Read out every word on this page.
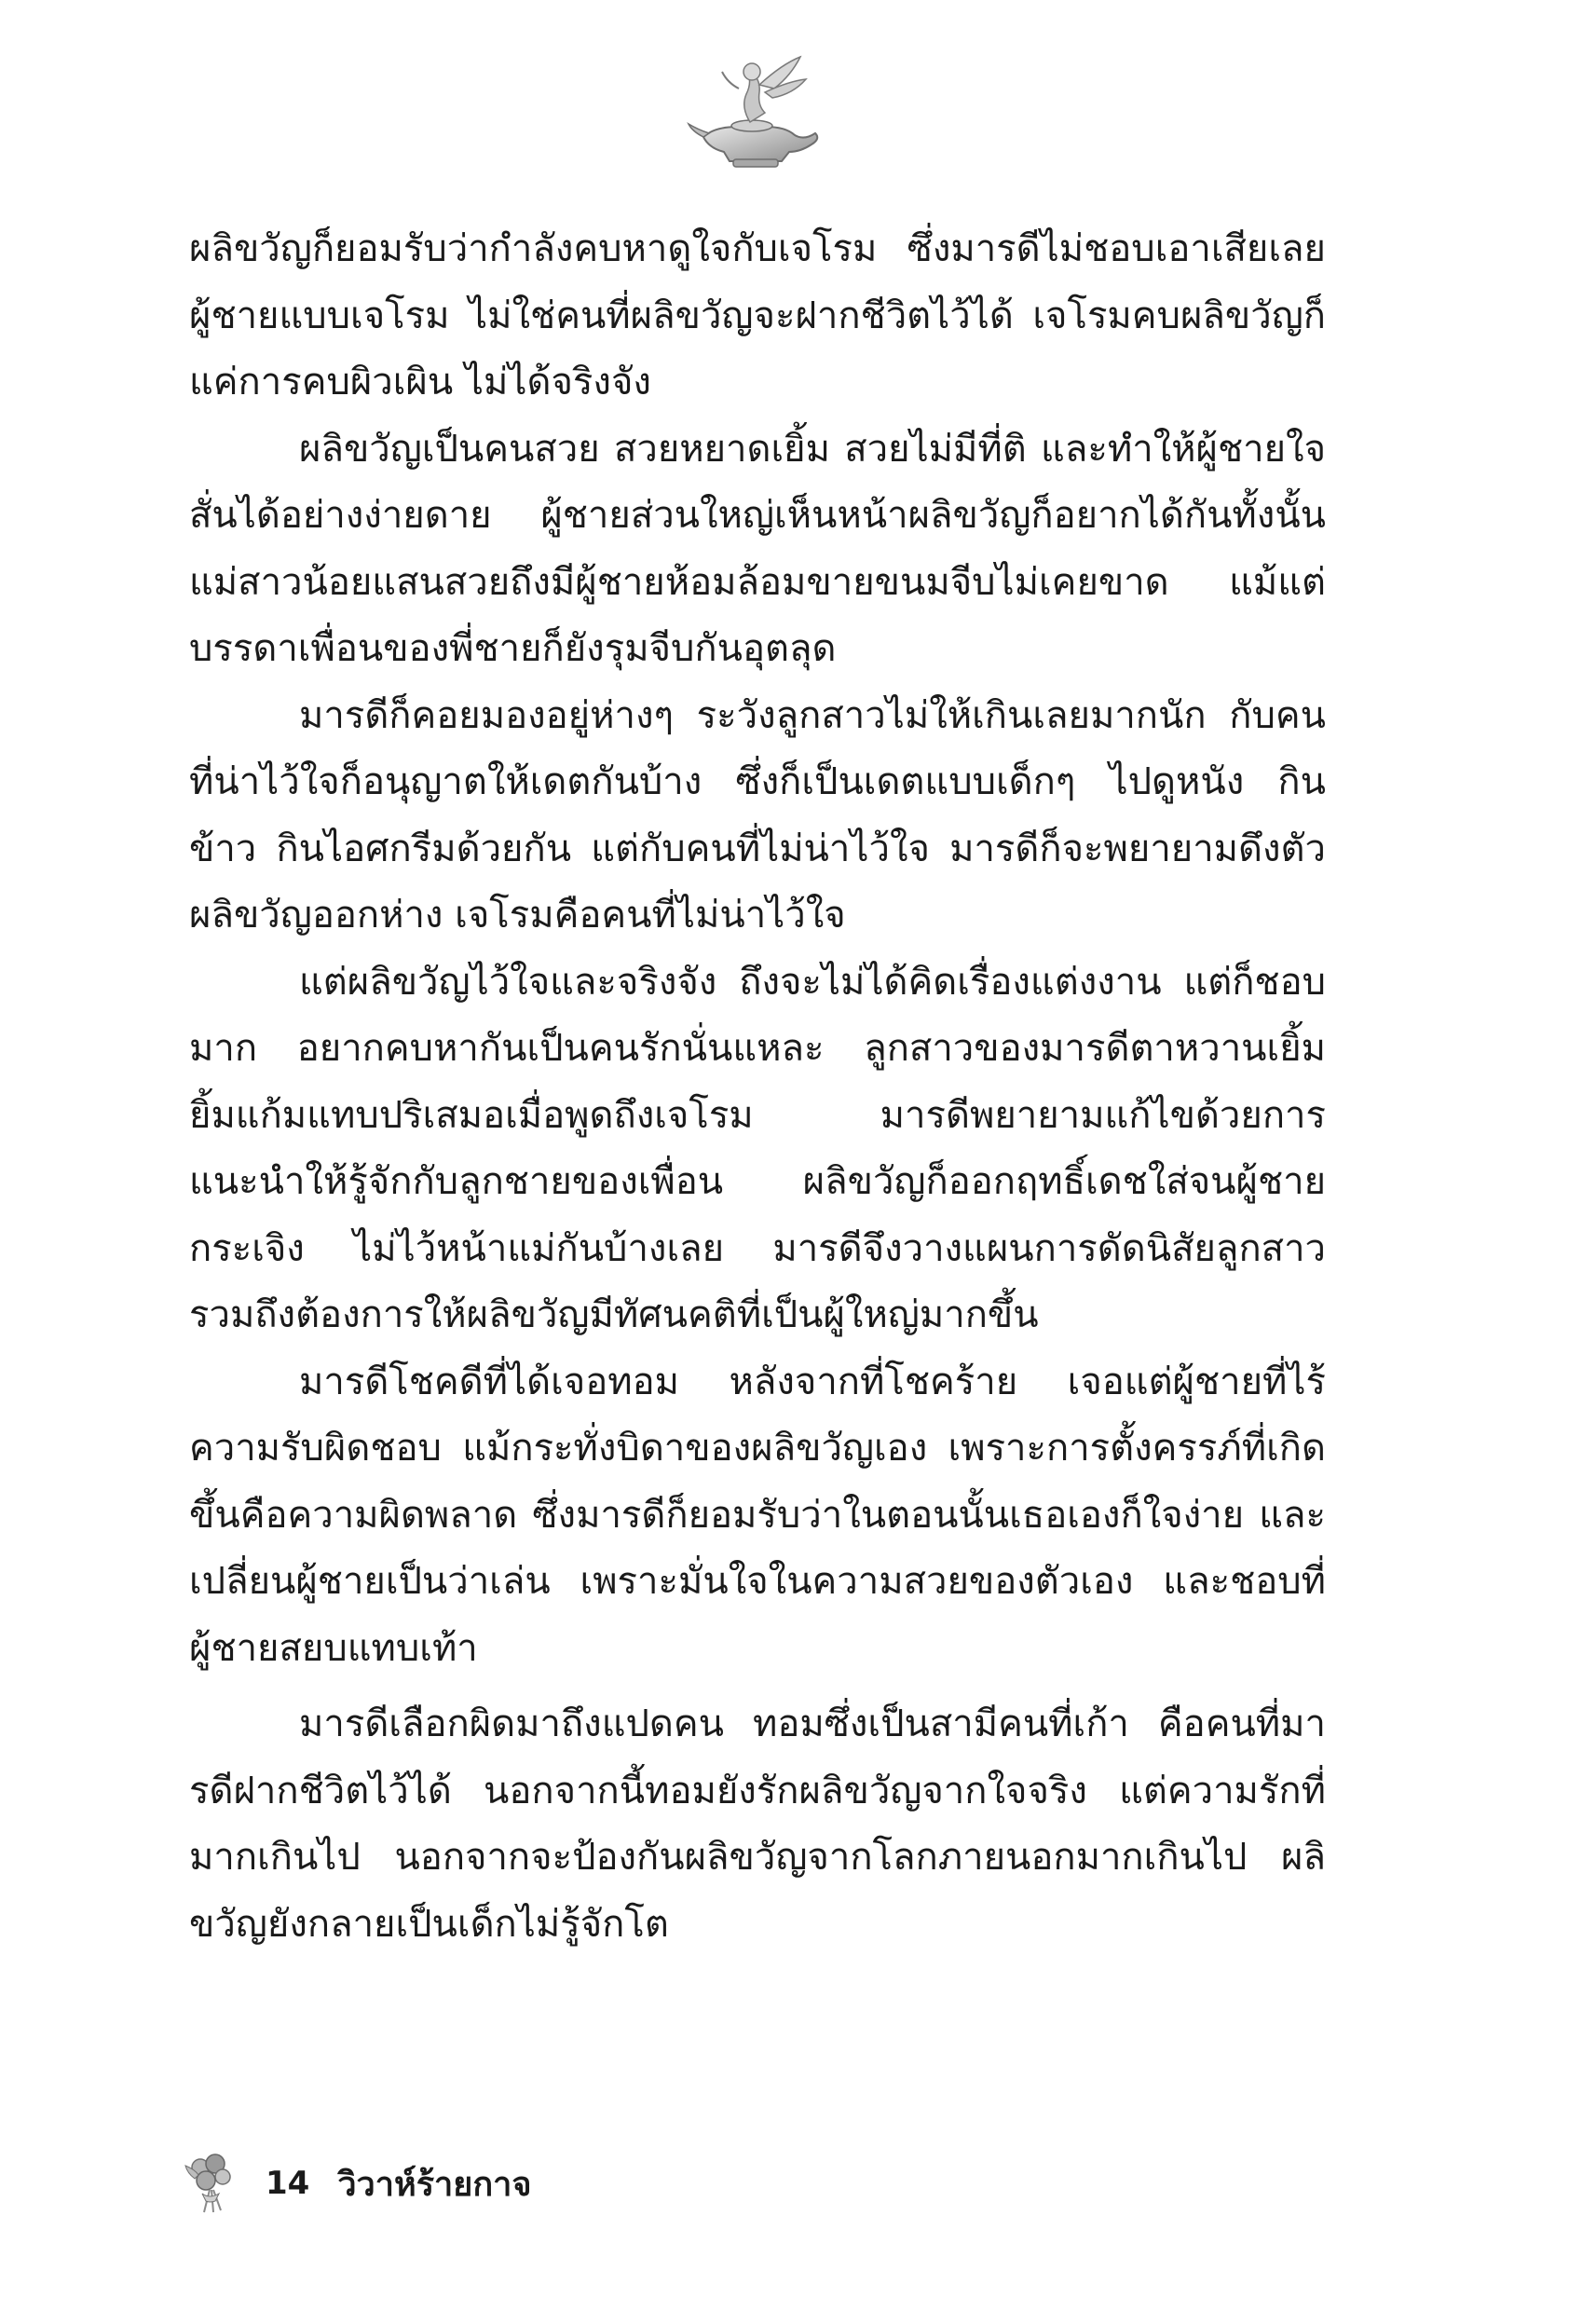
ผลิขวัญก็ยอมรับว่ากำลังคบหาดูใจกับเจโรม ซึ่งมารดีไม่ชอบเอาเสียเลย ผู้ชายแบบเจโรม ไม่ใช่คนที่ผลิขวัญจะฝากชีวิตไว้ได้ เจโรมคบผลิขวัญก็แค่การคบผิวเผิน ไม่ได้จริงจัง

ผลิขวัญเป็นคนสวย สวยหยาดเยิ้ม สวยไม่มีที่ติ และทำให้ผู้ชายใจสั่นได้อย่างง่ายดาย ผู้ชายส่วนใหญ่เห็นหน้าผลิขวัญก็อยากได้กันทั้งนั้น แม่สาวน้อยแสนสวยถึงมีผู้ชายห้อมล้อมขายขนมจีบไม่เคยขาด แม้แต่บรรดาเพื่อนของพี่ชายก็ยังรุมจีบกันอุตลุด

มารดีก็คอยมองอยู่ห่างๆ ระวังลูกสาวไม่ให้เกินเลยมากนัก กับคนที่น่าไว้ใจก็อนุญาตให้เดตกันบ้าง ซึ่งก็เป็นเดตแบบเด็กๆ ไปดูหนัง กินข้าว กินไอศกรีมด้วยกัน แต่กับคนที่ไม่น่าไว้ใจ มารดีก็จะพยายามดึงตัวผลิขวัญออกห่าง เจโรมคือคนที่ไม่น่าไว้ใจ

แต่ผลิขวัญไว้ใจและจริงจัง ถึงจะไม่ได้คิดเรื่องแต่งงาน แต่ก็ชอบมาก อยากคบหากันเป็นคนรักนั่นแหละ ลูกสาวของมารดีตาหวานเยิ้ม ยิ้มแก้มแทบปริเสมอเมื่อพูดถึงเจโรม มารดีพยายามแก้ไขด้วยการแนะนำให้รู้จักกับลูกชายของเพื่อน ผลิขวัญก็ออกฤทธิ์เดชใส่จนผู้ชายกระเจิง ไม่ไว้หน้าแม่กันบ้างเลย มารดีจึงวางแผนการดัดนิสัยลูกสาว รวมถึงต้องการให้ผลิขวัญมีทัศนคติที่เป็นผู้ใหญ่มากขึ้น

มารดีโชคดีที่ได้เจอทอม หลังจากที่โชคร้าย เจอแต่ผู้ชายที่ไร้ความรับผิดชอบ แม้กระทั่งบิดาของผลิขวัญเอง เพราะการตั้งครรภ์ที่เกิดขึ้นคือความผิดพลาด ซึ่งมารดีก็ยอมรับว่าในตอนนั้นเธอเองก็ใจง่าย และเปลี่ยนผู้ชายเป็นว่าเล่น เพราะมั่นใจในความสวยของตัวเอง และชอบที่ผู้ชายสยบแทบเท้า

มารดีเลือกผิดมาถึงแปดคน ทอมซึ่งเป็นสามีคนที่เก้า คือคนที่มารดีฝากชีวิตไว้ได้ นอกจากนี้ทอมยังรักผลิขวัญจากใจจริง แต่ความรักที่มากเกินไป นอกจากจะป้องกันผลิขวัญจากโลกภายนอกมากเกินไป ผลิขวัญยังกลายเป็นเด็กไม่รู้จักโต

14 วิวาห์ร้ายกาจ
